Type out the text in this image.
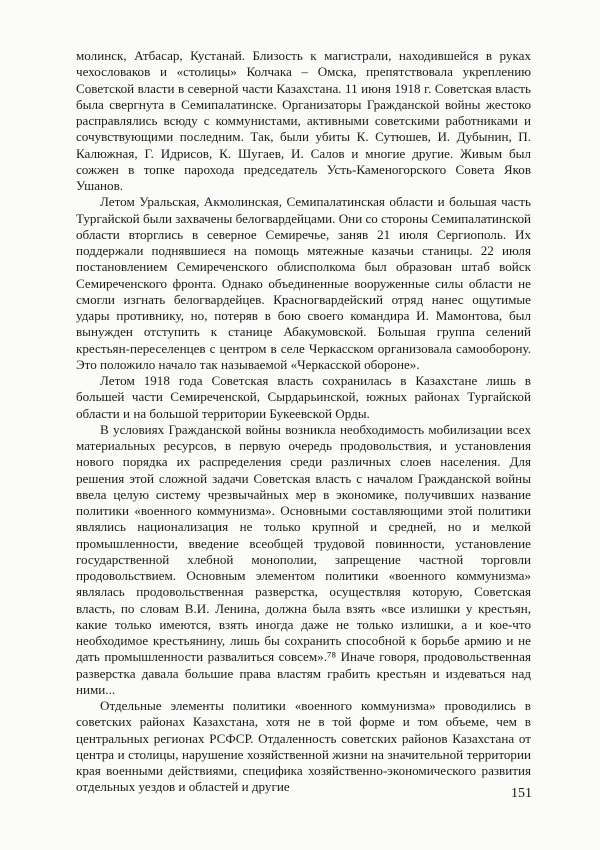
молинск, Атбасар, Кустанай. Близость к магистрали, находившейся в руках чехословаков и «столицы» Колчака – Омска, препятствовала укреплению Советской власти в северной части Казахстана. 11 июня 1918 г. Советская власть была свергнута в Семипалатинске. Организаторы Гражданской войны жестоко расправлялись всюду с коммунистами, активными советскими работниками и сочувствующими последним. Так, были убиты К. Сутюшев, И. Дубынин, П. Калюжная, Г. Идрисов, К. Шугаев, И. Салов и многие другие. Живым был сожжен в топке парохода председатель Усть-Каменогорского Совета Яков Ушанов.

Летом Уральская, Акмолинская, Семипалатинская области и большая часть Тургайской были захвачены белогвардейцами. Они со стороны Семипалатинской области вторглись в северное Семиречье, заняв 21 июля Сергиополь. Их поддержали поднявшиеся на помощь мятежные казачьи станицы. 22 июля постановлением Семиреченского облисполкома был образован штаб войск Семиреченского фронта. Однако объединенные вооруженные силы области не смогли изгнать белогвардейцев. Красногвардейский отряд нанес ощутимые удары противнику, но, потеряв в бою своего командира И. Мамонтова, был вынужден отступить к станице Абакумовской. Большая группа селений крестьян-переселенцев с центром в селе Черкасском организовала самооборону. Это положило начало так называемой «Черкасской обороне».

Летом 1918 года Советская власть сохранилась в Казахстане лишь в большей части Семиреченской, Сырдарьинской, южных районах Тургайской области и на большой территории Букеевской Орды.

В условиях Гражданской войны возникла необходимость мобилизации всех материальных ресурсов, в первую очередь продовольствия, и установления нового порядка их распределения среди различных слоев населения. Для решения этой сложной задачи Советская власть с началом Гражданской войны ввела целую систему чрезвычайных мер в экономике, получивших название политики «военного коммунизма». Основными составляющими этой политики являлись национализация не только крупной и средней, но и мелкой промышленности, введение всеобщей трудовой повинности, установление государственной хлебной монополии, запрещение частной торговли продовольствием. Основным элементом политики «военного коммунизма» являлась продовольственная разверстка, осуществляя которую, Советская власть, по словам В.И. Ленина, должна была взять «все излишки у крестьян, какие только имеются, взять иногда даже не только излишки, а и кое-что необходимое крестьянину, лишь бы сохранить способной к борьбе армию и не дать промышленности развалиться совсем».⁷⁸ Иначе говоря, продовольственная разверстка давала большие права властям грабить крестьян и издеваться над ними...

Отдельные элементы политики «военного коммунизма» проводились в советских районах Казахстана, хотя не в той форме и том объеме, чем в центральных регионах РСФСР. Отдаленность советских районов Казахстана от центра и столицы, нарушение хозяйственной жизни на значительной территории края военными действиями, специфика хозяйственно-экономического развития отдельных уездов и областей и другие	151
